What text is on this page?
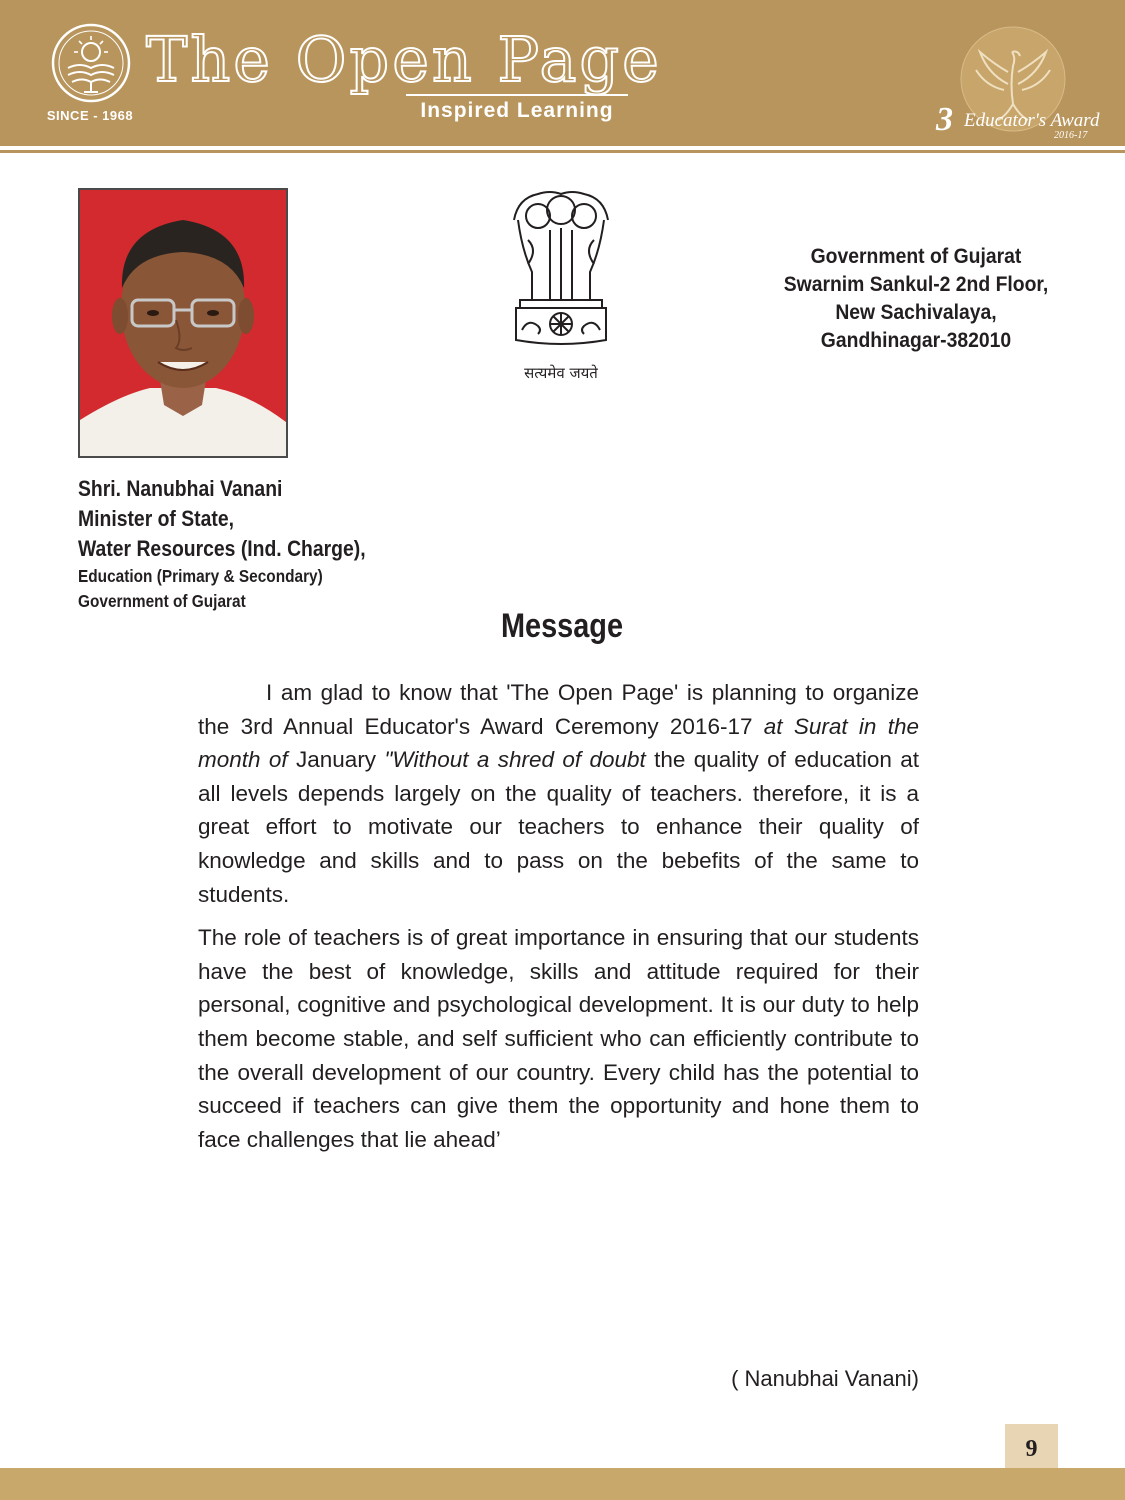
SINCE - 1968
The Open Page
Inspired Learning	3 Educator's Award
2016-17
सत्यमेव जयते
Government of Gujarat
Swarnim Sankul-2 2nd Floor,
New Sachivalaya,
Gandhinagar-382010
Shri. Nanubhai Vanani
Minister of State,
Water Resources (Ind. Charge),
Education (Primary & Secondary)
Government of Gujarat
Message

I am glad to know that 'The Open Page' is planning to organize the 3rd Annual Educator's Award Ceremony 2016-17 at Surat in the month of January "Without a shred of doubt the quality of education at all levels depends largely on the quality of teachers. therefore, it is a great effort to motivate our teachers to enhance their quality of knowledge and skills and to pass on the bebefits of the same to students.

The role of teachers is of great importance in ensuring that our students have the best of knowledge, skills and attitude required for their personal, cognitive and psychological development. It is our duty to help them become stable, and self sufficient who can efficiently contribute to the overall development of our country. Every child has the potential to succeed if teachers can give them the opportunity and hone them to face challenges that lie ahead’

( Nanubhai Vanani)
9
